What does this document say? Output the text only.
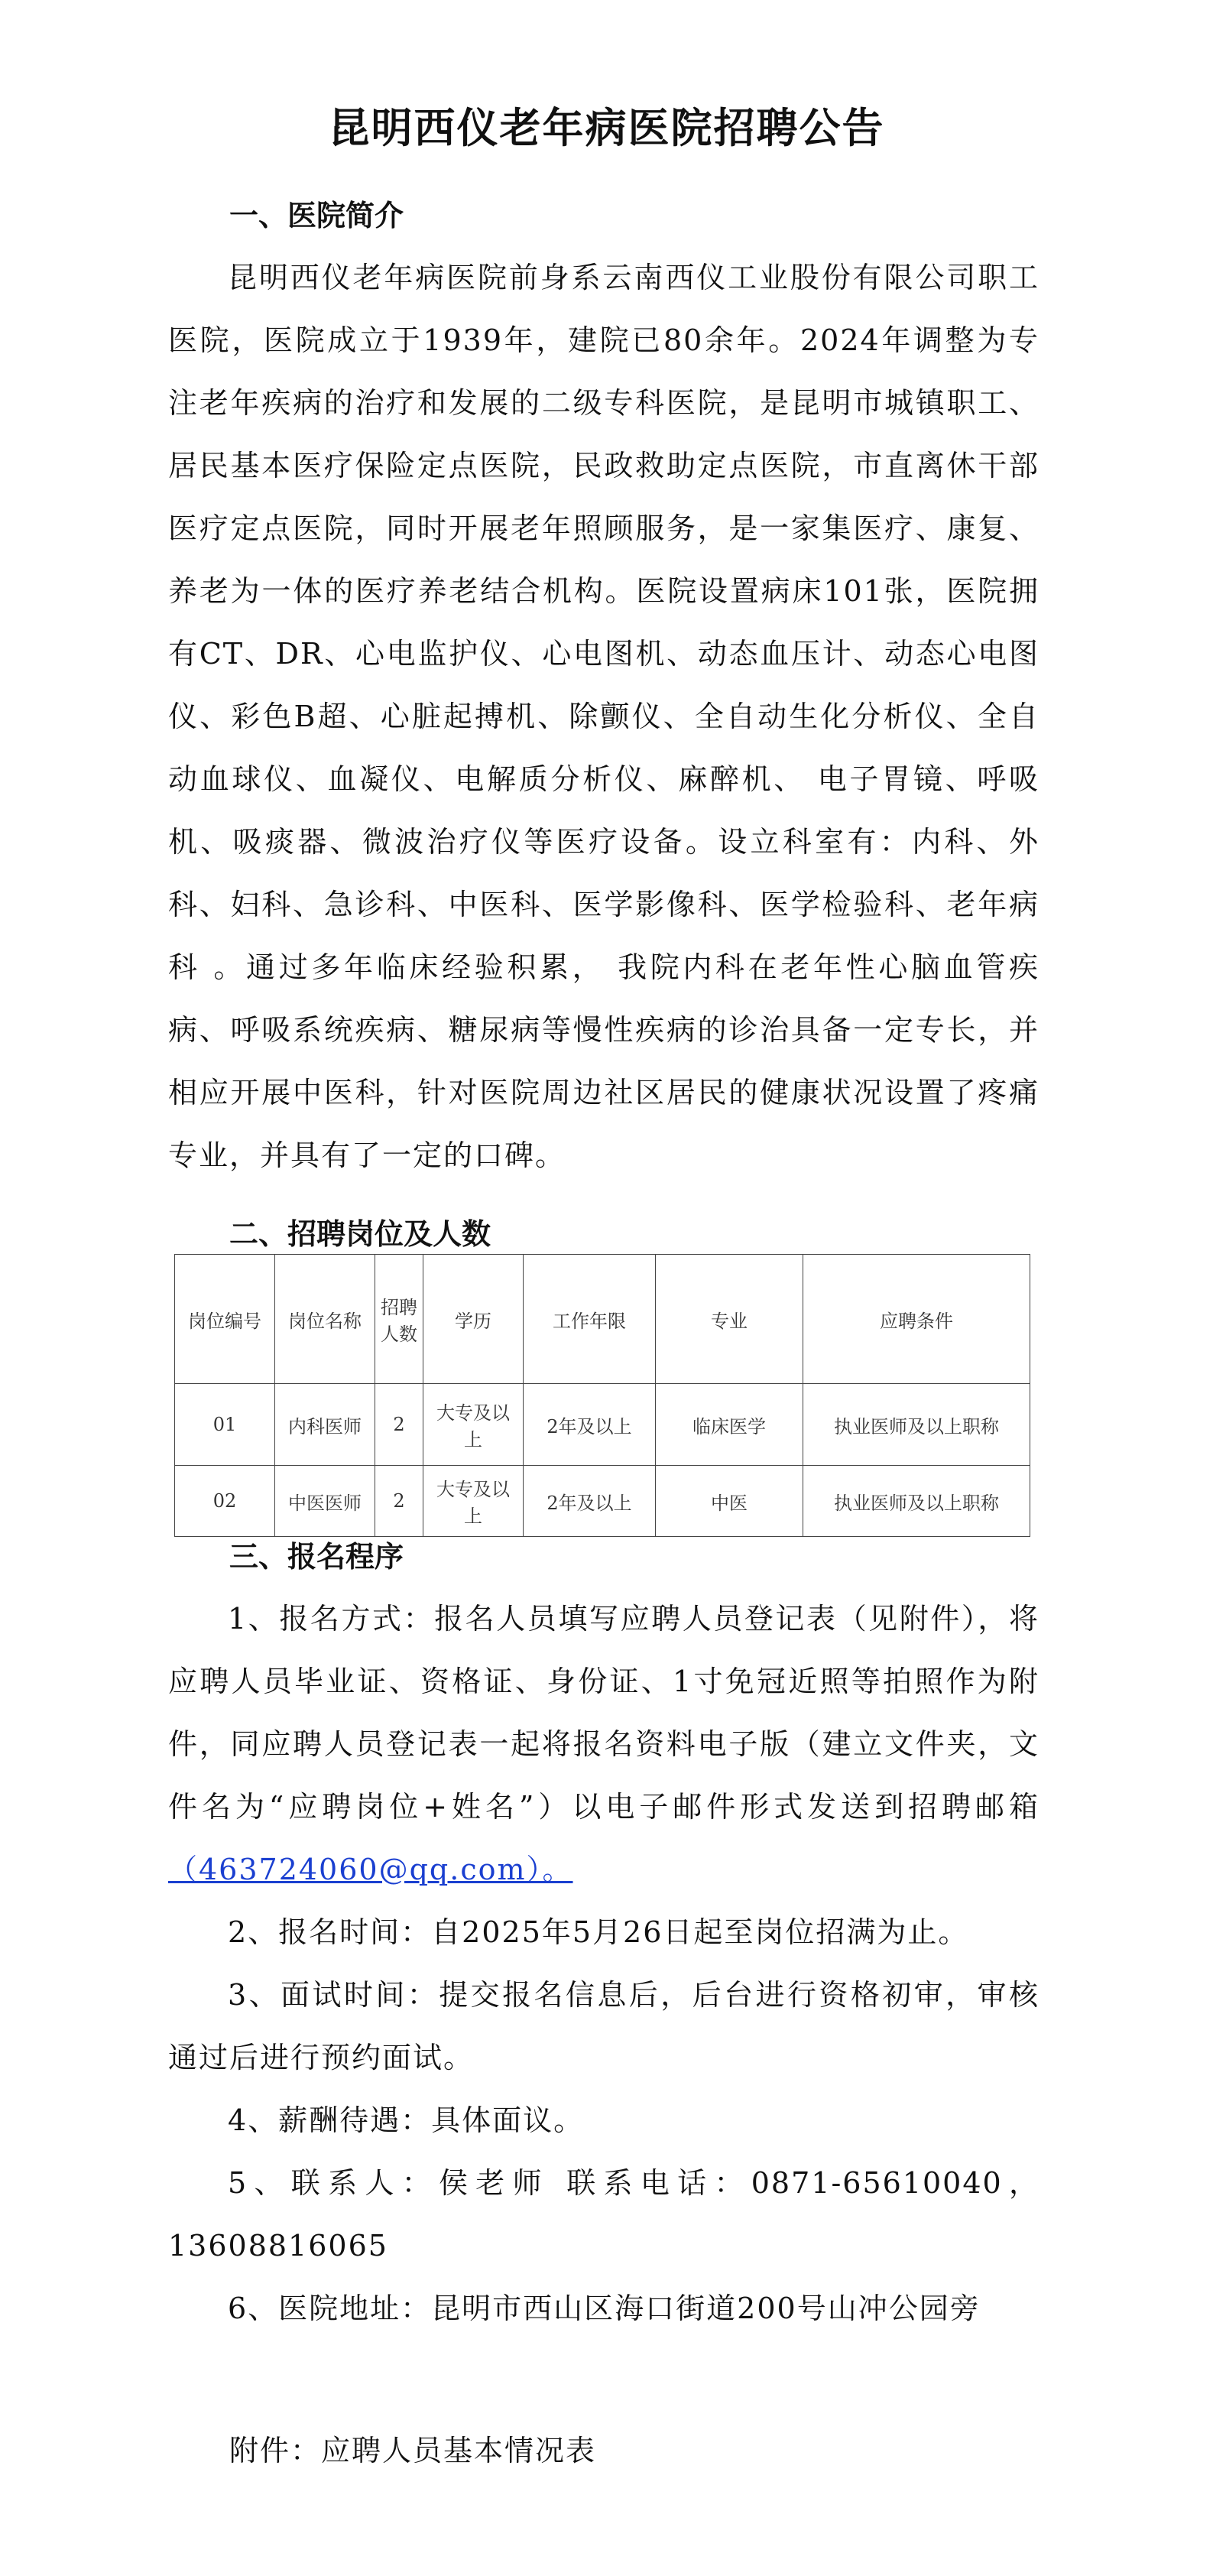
昆明西仪老年病医院招聘公告
一、医院简介

昆明西仪老年病医院前身系云南西仪工业股份有限公司职工医院，医院成立于1939年，建院已80余年。2024年调整为专注老年疾病的治疗和发展的二级专科医院，是昆明市城镇职工、居民基本医疗保险定点医院，民政救助定点医院，市直离休干部医疗定点医院，同时开展老年照顾服务，是一家集医疗、康复、养老为一体的医疗养老结合机构。医院设置病床101张，医院拥有CT、DR、心电监护仪、心电图机、动态血压计、动态心电图仪、彩色B超、心脏起搏机、除颤仪、全自动生化分析仪、全自动血球仪、血凝仪、电解质分析仪、麻醉机、 电子胃镜、呼吸机、吸痰器、微波治疗仪等医疗设备。设立科室有：内科、外科、妇科、急诊科、中医科、医学影像科、医学检验科、老年病科 。通过多年临床经验积累， 我院内科在老年性心脑血管疾病、呼吸系统疾病、糖尿病等慢性疾病的诊治具备一定专长，并相应开展中医科，针对医院周边社区居民的健康状况设置了疼痛专业，并具有了一定的口碑。

二、招聘岗位及人数
岗位编号	岗位名称	招聘人数	学历	工作年限	专业	应聘条件
01	内科医师	2	大专及以上	2年及以上	临床医学	执业医师及以上职称
02	中医医师	2	大专及以上	2年及以上	中医	执业医师及以上职称
三、报名程序

1、报名方式：报名人员填写应聘人员登记表（见附件），将应聘人员毕业证、资格证、身份证、1寸免冠近照等拍照作为附件，同应聘人员登记表一起将报名资料电子版（建立文件夹，文件名为“应聘岗位+姓名”）以电子邮件形式发送到招聘邮箱（463724060@qq.com）。

2、报名时间：自2025年5月26日起至岗位招满为止。

3、面试时间：提交报名信息后，后台进行资格初审，审核通过后进行预约面试。

4、薪酬待遇：具体面议。

5、联系人：侯老师 联系电话：0871-65610040，13608816065

6、医院地址：昆明市西山区海口街道200号山冲公园旁

附件：应聘人员基本情况表
